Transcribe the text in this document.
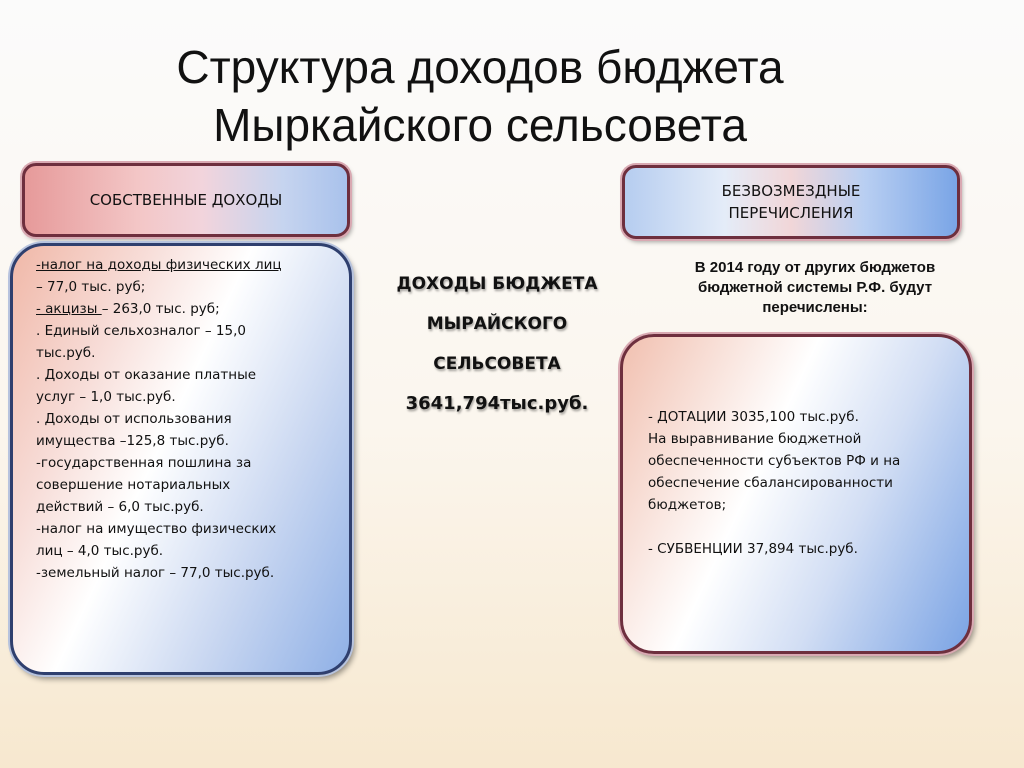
Структура доходов бюджета
Мыркайского сельсовета
СОБСТВЕННЫЕ ДОХОДЫ	БЕЗВОЗМЕЗДНЫЕ
ПЕРЕЧИСЛЕНИЯ
-налог на доходы физических лиц
– 77,0 тыс. руб;
- акцизы – 263,0 тыс. руб;
. Единый сельхозналог – 15,0
тыс.руб.
. Доходы от оказание платные
услуг – 1,0 тыс.руб.
. Доходы от использования
имущества –125,8 тыс.руб.
-государственная пошлина за
совершение нотариальных
действий – 6,0 тыс.руб.
-налог на имущество физических
лиц – 4,0 тыс.руб.
-земельный налог – 77,0 тыс.руб.
ДОХОДЫ БЮДЖЕТА
МЫРАЙСКОГО
СЕЛЬСОВЕТА
3641,794тыс.руб.
В 2014 году от других бюджетов
бюджетной системы Р.Ф. будут
перечислены:
- ДОТАЦИИ 3035,100 тыс.руб.
На выравнивание бюджетной
обеспеченности субъектов РФ и на
обеспечение сбалансированности
бюджетов;
- СУБВЕНЦИИ 37,894 тыс.руб.
